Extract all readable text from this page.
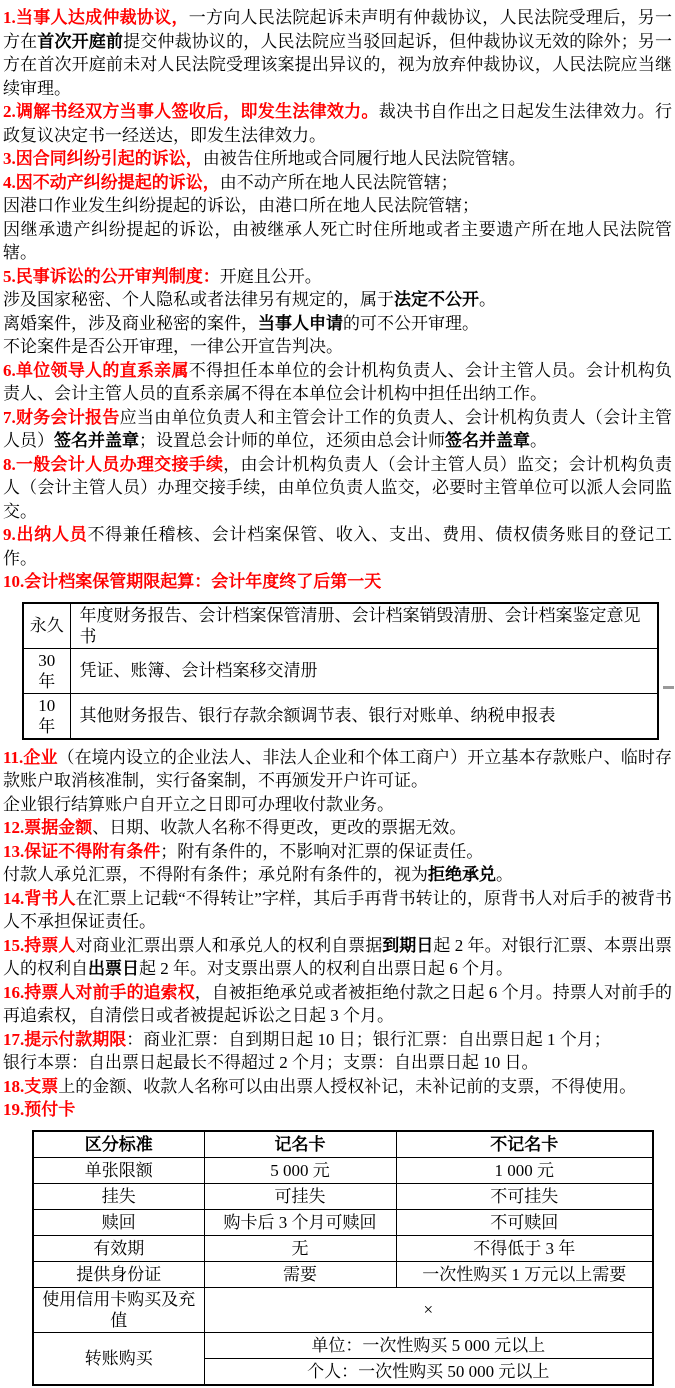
1.当事人达成仲裁协议，一方向人民法院起诉未声明有仲裁协议，人民法院受理后，另一方在首次开庭前提交仲裁协议的，人民法院应当驳回起诉，但仲裁协议无效的除外；另一方在首次开庭前未对人民法院受理该案提出异议的，视为放弃仲裁协议，人民法院应当继续审理。

2.调解书经双方当事人签收后，即发生法律效力。裁决书自作出之日起发生法律效力。行政复议决定书一经送达，即发生法律效力。

3.因合同纠纷引起的诉讼，由被告住所地或合同履行地人民法院管辖。

4.因不动产纠纷提起的诉讼，由不动产所在地人民法院管辖；

因港口作业发生纠纷提起的诉讼，由港口所在地人民法院管辖；

因继承遗产纠纷提起的诉讼，由被继承人死亡时住所地或者主要遗产所在地人民法院管辖。

5.民事诉讼的公开审判制度：开庭且公开。

涉及国家秘密、个人隐私或者法律另有规定的，属于法定不公开。

离婚案件，涉及商业秘密的案件，当事人申请的可不公开审理。

不论案件是否公开审理，一律公开宣告判决。

6.单位领导人的直系亲属不得担任本单位的会计机构负责人、会计主管人员。会计机构负责人、会计主管人员的直系亲属不得在本单位会计机构中担任出纳工作。

7.财务会计报告应当由单位负责人和主管会计工作的负责人、会计机构负责人（会计主管人员）签名并盖章；设置总会计师的单位，还须由总会计师签名并盖章。

8.一般会计人员办理交接手续，由会计机构负责人（会计主管人员）监交；会计机构负责人（会计主管人员）办理交接手续，由单位负责人监交，必要时主管单位可以派人会同监交。

9.出纳人员不得兼任稽核、会计档案保管、收入、支出、费用、债权债务账目的登记工作。

10.会计档案保管期限起算：会计年度终了后第一天

永久	年度财务报告、会计档案保管清册、会计档案销毁清册、会计档案鉴定意见书
30 年	凭证、账簿、会计档案移交清册
10 年	其他财务报告、银行存款余额调节表、银行对账单、纳税申报表

11.企业（在境内设立的企业法人、非法人企业和个体工商户）开立基本存款账户、临时存款账户取消核准制，实行备案制，不再颁发开户许可证。

企业银行结算账户自开立之日即可办理收付款业务。

12.票据金额、日期、收款人名称不得更改，更改的票据无效。

13.保证不得附有条件；附有条件的，不影响对汇票的保证责任。

付款人承兑汇票，不得附有条件；承兑附有条件的，视为拒绝承兑。

14.背书人在汇票上记载“不得转让”字样，其后手再背书转让的，原背书人对后手的被背书人不承担保证责任。

15.持票人对商业汇票出票人和承兑人的权利自票据到期日起 2 年。对银行汇票、本票出票人的权利自出票日起 2 年。对支票出票人的权利自出票日起 6 个月。

16.持票人对前手的追索权，自被拒绝承兑或者被拒绝付款之日起 6 个月。持票人对前手的再追索权，自清偿日或者被提起诉讼之日起 3 个月。

17.提示付款期限：商业汇票：自到期日起 10 日；银行汇票：自出票日起 1 个月；

银行本票：自出票日起最长不得超过 2 个月；支票：自出票日起 10 日。

18.支票上的金额、收款人名称可以由出票人授权补记，未补记前的支票，不得使用。

19.预付卡

区分标准	记名卡	不记名卡
单张限额	5 000 元	1 000 元
挂失	可挂失	不可挂失
赎回	购卡后 3 个月可赎回	不可赎回
有效期	无	不得低于 3 年
提供身份证	需要	一次性购买 1 万元以上需要
使用信用卡购买及充值	×	
转账购买	单位：一次性购买 5 000 元以上	
	个人：一次性购买 50 000 元以上	
